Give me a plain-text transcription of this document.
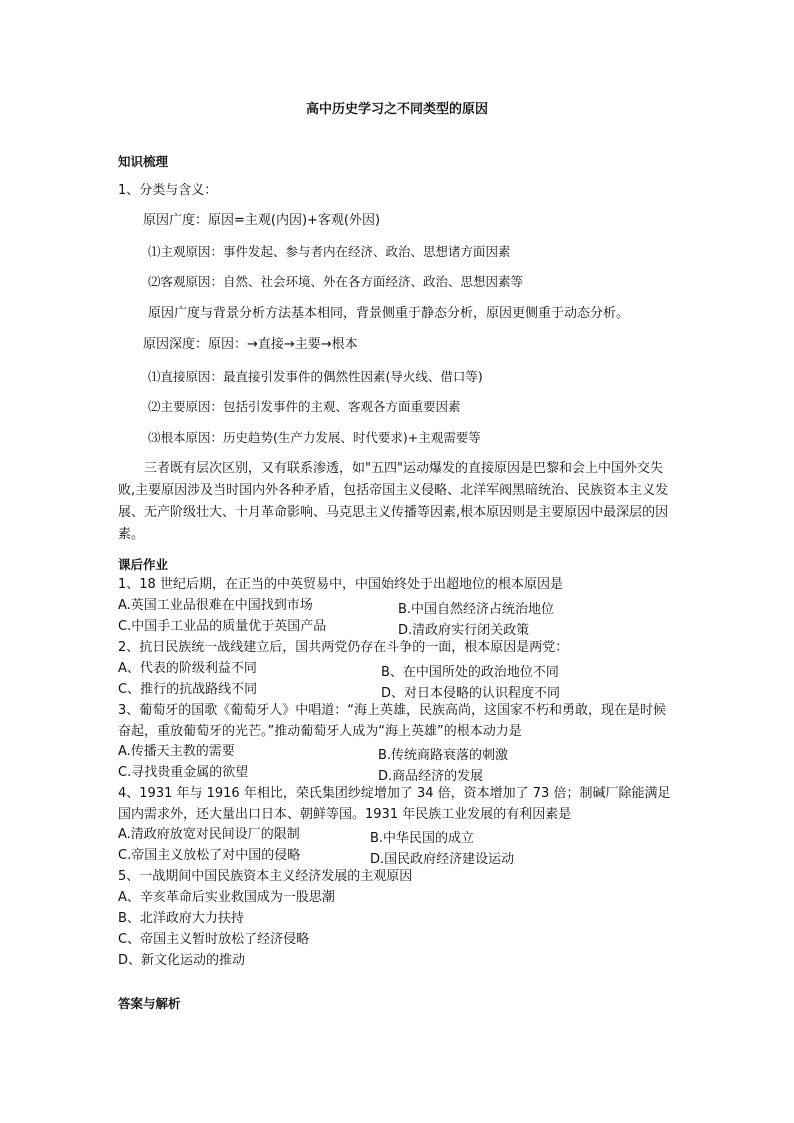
高中历史学习之不同类型的原因
知识梳理
1、分类与含义：
原因广度：原因=主观(内因)+客观(外因)
⑴主观原因：事件发起、参与者内在经济、政治、思想诸方面因素
⑵客观原因：自然、社会环境、外在各方面经济、政治、思想因素等
原因广度与背景分析方法基本相同，背景侧重于静态分析，原因更侧重于动态分析。
原因深度：原因：→直接→主要→根本
⑴直接原因：最直接引发事件的偶然性因素(导火线、借口等)
⑵主要原因：包括引发事件的主观、客观各方面重要因素
⑶根本原因：历史趋势(生产力发展、时代要求)+主观需要等
三者既有层次区别，又有联系渗透，如"五四"运动爆发的直接原因是巴黎和会上中国外交失败,主要原因涉及当时国内外各种矛盾，包括帝国主义侵略、北洋军阀黑暗统治、民族资本主义发展、无产阶级壮大、十月革命影响、马克思主义传播等因素,根本原因则是主要原因中最深层的因素。
课后作业
1、18 世纪后期，在正当的中英贸易中，中国始终处于出超地位的根本原因是
A.英国工业品很难在中国找到市场	B.中国自然经济占统治地位
C.中国手工业品的质量优于英国产品	D.清政府实行闭关政策
2、抗日民族统一战线建立后，国共两党仍存在斗争的一面，根本原因是两党：
A、代表的阶级利益不同	B、在中国所处的政治地位不同
C、推行的抗战路线不同	D、对日本侵略的认识程度不同
3、葡萄牙的国歌《葡萄牙人》中唱道：“海上英雄，民族高尚，这国家不朽和勇敢，现在是时候奋起，重放葡萄牙的光芒。”推动葡萄牙人成为“海上英雄”的根本动力是
A.传播天主教的需要	B.传统商路衰落的刺激
C.寻找贵重金属的欲望	D.商品经济的发展
4、1931 年与 1916 年相比，荣氏集团纱绽增加了 34 倍，资本增加了 73 倍；制碱厂除能满足国内需求外，还大量出口日本、朝鲜等国。1931 年民族工业发展的有利因素是
A.清政府放宽对民间设厂的限制	B.中华民国的成立
C.帝国主义放松了对中国的侵略	D.国民政府经济建设运动
5、一战期间中国民族资本主义经济发展的主观原因
A、辛亥革命后实业救国成为一股思潮
B、北洋政府大力扶持
C、帝国主义暂时放松了经济侵略
D、新文化运动的推动
答案与解析
